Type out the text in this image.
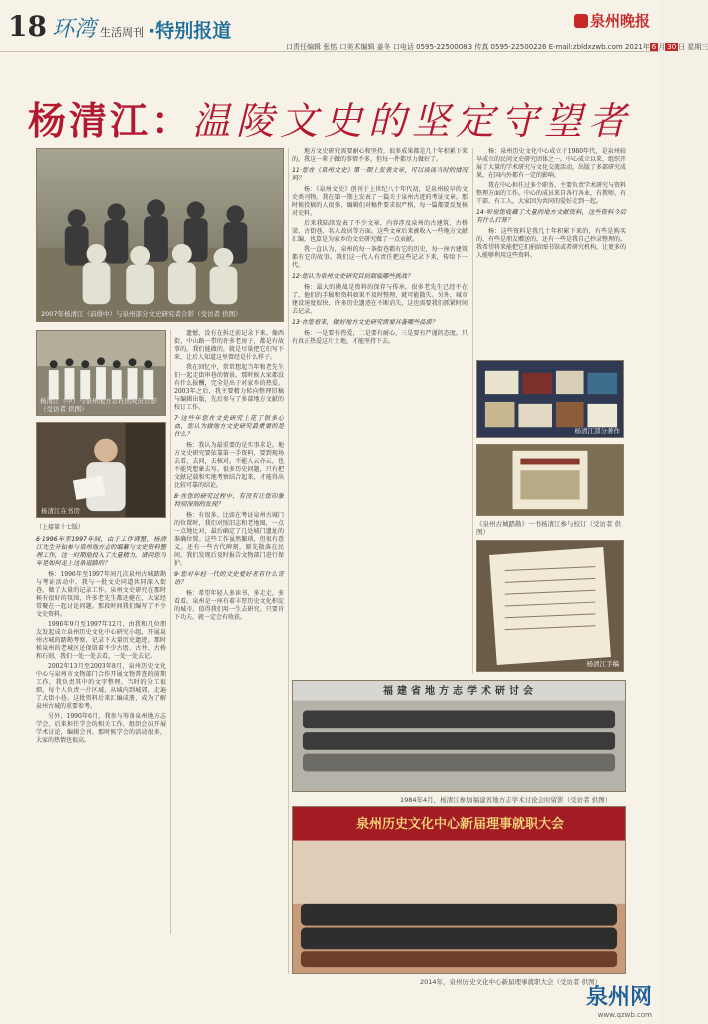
18 环湾 生活周刊 ·特别报道	泉州晚报
口责任编辑 张铭 口美术编辑 姜冬 口电话 0595-22500083 传真 0595-22500226 E-mail:zbldxzwb.com 2021年 6 月 30 日 星期三
杨清江：温陵文史的坚定守望者
2007年杨清江（前排中）与泉州部分文史研究者合影（受访者 供图）
杨清江（中）与泉州地方志社团成员合影（受访者 供图）
杨清江在书房

（上接第十七版）

6·1996年至1997年间，由于工作调整，杨清江先生开始参与泉州地方志的编纂与文史资料整理工作，这一时期他投入了大量精力。请问您当年是如何走上这条道路的？

杨：1996年至1997年间几次泉州古城踏勘与考证活动中，我与一批文史同道共同深入街巷，做了大量的记录工作。泉州文史研究在那时候有很好的氛围，许多老先生都还健在，大家经常聚在一起讨论问题。那段时间我们编写了不少文史资料。

1996年9月至1997年12月，由我和几位朋友发起成立泉州历史文化中心研究小组，开展泉州古城的踏勘考察，记录下大量历史遗迹。那时候泉州的老城区还保留着不少古厝、古井、古桥和石刻，我们一处一处去看，一处一处去记。

2002年13月至2003年8月，泉州历史文化中心与泉州市文物部门合作开展文物普查的前期工作，我负责其中的文字整理。当时的分工很细，每个人负责一片区域，从城内到城郊，走遍了大街小巷。这批资料后来汇编成册，成为了解泉州古城的重要参考。

另外，1990年6月，我参与筹备泉州地方志学会，后来担任学会的相关工作，组织会员开展学术讨论，编辑会刊。那时候学会的活动很多，大家的热情也很高。

遗憾，没有在拆迁前记录下来。像西街、中山路一带的许多老房子，都是有故事的。我们能做的，就是尽量把它们写下来，让后人知道这里曾经是什么样子。

我在回忆中，常常想起当年和老先生们一起走街串巷的情景。那时候大家都没有什么报酬，完全是出于对家乡的热爱。2003年之后，我主要精力转向整理旧稿与编辑出版，先后参与了多部地方文献的校订工作。

7·这些年您在文史研究上花了很多心血，您认为做地方文史研究最重要的是什么？

杨：我认为最重要的是实事求是。地方文史研究要依靠第一手资料，要到现场去看，去问，去核对。不能人云亦云，也不能凭想象去写。很多历史问题，只有把文献记载和实地考察结合起来，才能得出比较可靠的结论。

8·在您的研究过程中，有没有让您印象特别深刻的发现？

杨：有很多。比如在考证泉州古城门的位置时，我们对照旧志和老地图，一点一点地比对，最后确定了几处城门遗址的准确位置。这些工作虽然繁琐，但很有意义。还有一些古代碑刻，原先散落在民间，我们发现后及时报告文物部门进行保护。

9·您对年轻一代的文史爱好者有什么寄语？

杨：希望年轻人多读书，多走走，多看看。泉州是一座有着丰厚历史文化积淀的城市，值得我们用一生去研究。只要肯下功夫，就一定会有收获。

地方文史研究需要耐心和坚持，很多成果都是几十年积累下来的。我这一辈子做的事情不多，但每一件都尽力做好了。

11·您在《泉州文史》第一期上发表文章，可以谈谈当时的情况吗？

杨：《泉州文史》创刊于上世纪八十年代初，是泉州较早的文史类刊物。我在第一期上发表了一篇关于泉州古迹的考证文章。那时候投稿的人很多，编辑们对稿件要求很严格，每一篇都要反复核对史料。

后来我陆续发表了不少文章，内容涉及泉州的古建筑、古桥梁、古街巷、名人故居等方面。这些文章后来被收入一些地方文献汇编，也算是为家乡的文史研究做了一点贡献。

我一直认为，泉州的每一条街巷都有它的历史，每一座古建筑都有它的故事。我们这一代人有责任把这些记录下来，传给下一代。

12·您认为泉州文史研究目前面临哪些挑战？

杨：最大的挑战是资料的保存与传承。很多老先生已经不在了，他们的手稿和资料如果不及时整理，就可能散失。另外，城市建设速度很快，许多历史遗迹在不断消失，这也需要我们抓紧时间去记录。

13·在您看来，做好地方文史研究需要具备哪些品质？

杨：一是要有热爱，二是要有耐心，三是要有严谨的态度。只有真正热爱这片土地，才能坚持下去。

杨：泉州历史文化中心成立于1980年代，是泉州较早成立的民间文史研究团体之一。中心成立以来，组织开展了大量的学术研究与文化交流活动，出版了多部研究成果，在国内外都有一定的影响。

我在中心担任过多个职务，主要负责学术研究与资料整理方面的工作。中心的成员来自各行各业，有教师、有干部、有工人，大家因为共同的爱好走到一起。

14·听说您收藏了大量的地方文献资料，这些资料今后有什么打算？

杨：这些资料是我几十年积累下来的，有些是购买的，有些是朋友赠送的，还有一些是我自己抄录整理的。我希望将来能把它们捐给图书馆或者研究机构，让更多的人能够利用这些资料。

杨清江部分著作
《泉州古城踏勘》一书杨清江参与校订（受访者 供图）
杨清江手稿
福建省地方志学术研讨会
1984年4月，杨清江参加福建省地方志学术讨论会时留影（受访者 供图）
泉州历史文化中心新届理事就职大会
2014年，泉州历史文化中心新届理事就职大会（受访者 供图）
泉州网
www.qzwb.com
